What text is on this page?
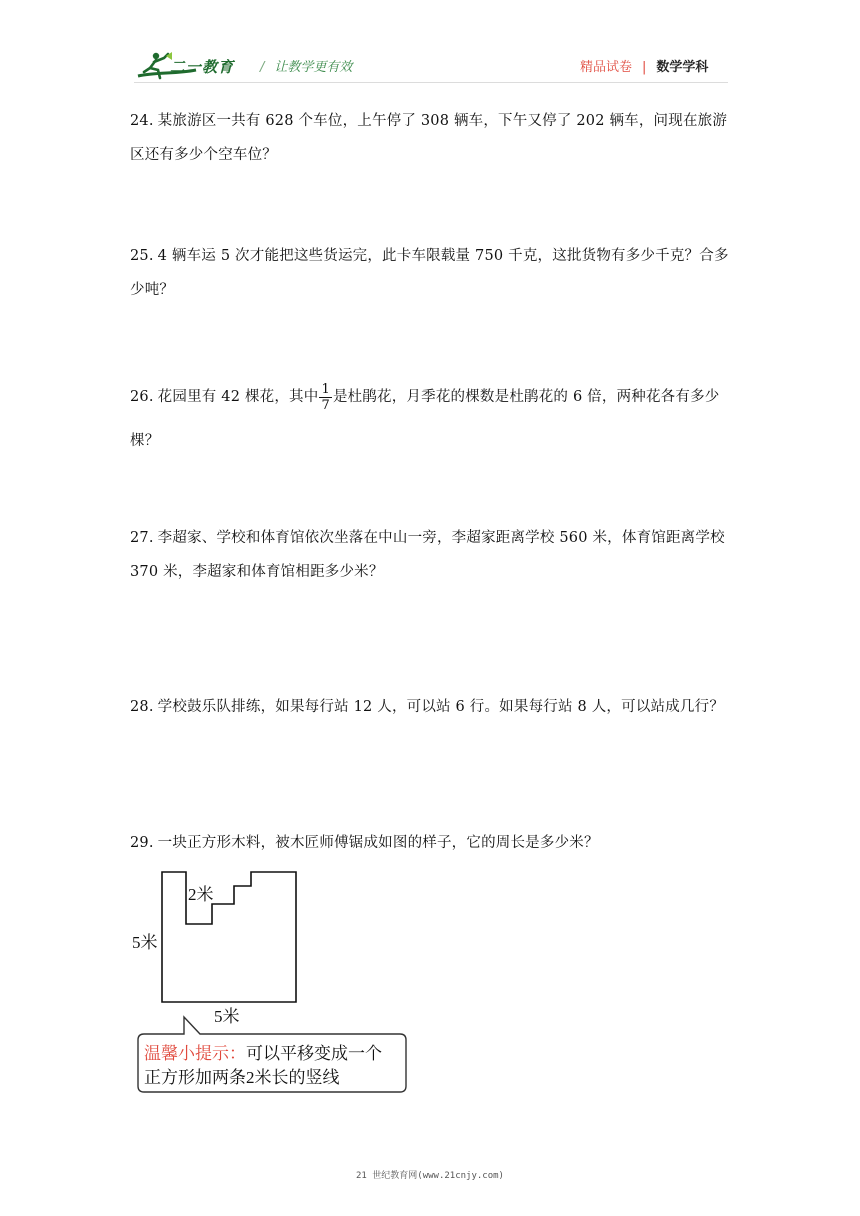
二一教育 / 让教学更有效	精品试卷 | 数学学科
24. 某旅游区一共有 628 个车位，上午停了 308 辆车，下午又停了 202 辆车，问现在旅游区还有多少个空车位？
25. 4 辆车运 5 次才能把这些货运完，此卡车限载量 750 千克，这批货物有多少千克？合多少吨？
26. 花园里有 42 棵花，其中 $\frac{1}{7}$ 是杜鹃花，月季花的棵数是杜鹃花的 6 倍，两种花各有多少棵？
27. 李超家、学校和体育馆依次坐落在中山一旁，李超家距离学校 560 米，体育馆距离学校 370 米，李超家和体育馆相距多少米？
28. 学校鼓乐队排练，如果每行站 12 人，可以站 6 行。如果每行站 8 人，可以站成几行？
29. 一块正方形木料，被木匠师傅锯成如图的样子，它的周长是多少米？
5米
2米
5米
温馨小提示：可以平移变成一个
正方形加两条2米长的竖线
21 世纪教育网(www.21cnjy.com)
